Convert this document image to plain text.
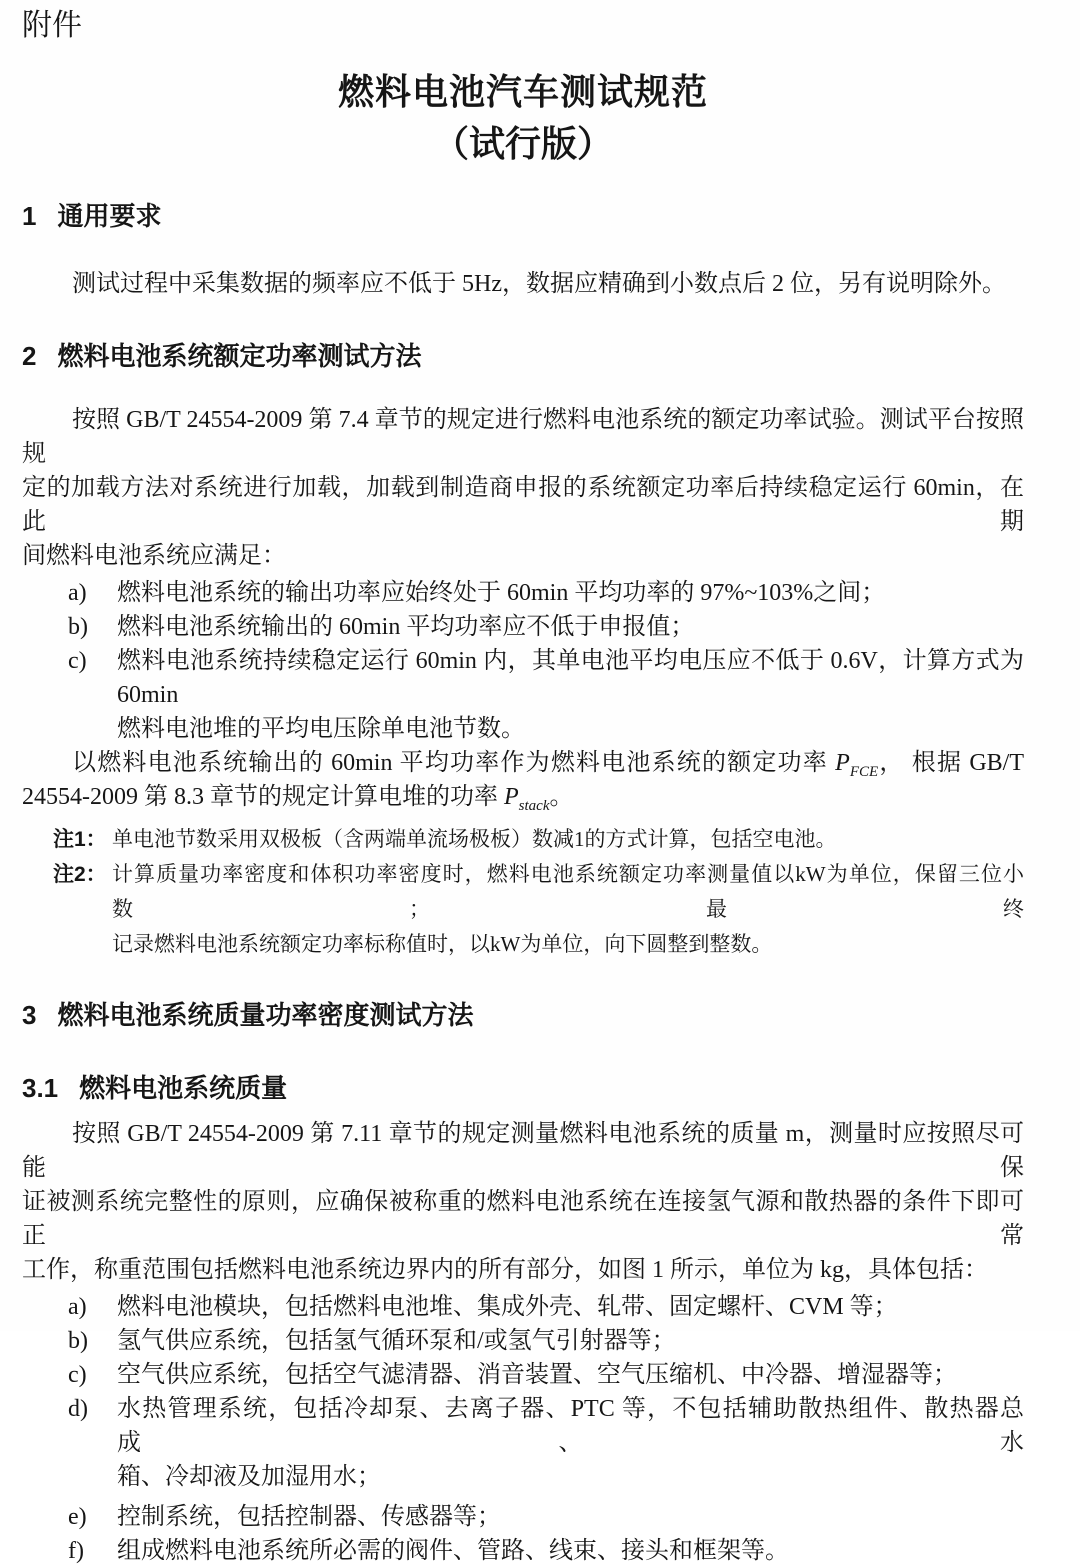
附件
燃料电池汽车测试规范
（试行版）
1 通用要求
测试过程中采集数据的频率应不低于 5Hz，数据应精确到小数点后 2 位，另有说明除外。
2 燃料电池系统额定功率测试方法
按照 GB/T 24554-2009 第 7.4 章节的规定进行燃料电池系统的额定功率试验。测试平台按照规
定的加载方法对系统进行加载，加载到制造商申报的系统额定功率后持续稳定运行 60min，在此期
间燃料电池系统应满足：
a) 燃料电池系统的输出功率应始终处于 60min 平均功率的 97%~103%之间；
b) 燃料电池系统输出的 60min 平均功率应不低于申报值；
c) 燃料电池系统持续稳定运行 60min 内，其单电池平均电压应不低于 0.6V，计算方式为 60min
燃料电池堆的平均电压除单电池节数。
以燃料电池系统输出的 60min 平均功率作为燃料电池系统的额定功率 $P_{FCE}$， 根据 GB/T
24554-2009 第 8.3 章节的规定计算电堆的功率 $P_{stack}$。
注1： 单电池节数采用双极板（含两端单流场极板）数减1的方式计算，包括空电池。
注2： 计算质量功率密度和体积功率密度时，燃料电池系统额定功率测量值以kW为单位，保留三位小数；最终
记录燃料电池系统额定功率标称值时，以kW为单位，向下圆整到整数。
3 燃料电池系统质量功率密度测试方法
3.1 燃料电池系统质量
按照 GB/T 24554-2009 第 7.11 章节的规定测量燃料电池系统的质量 m，测量时应按照尽可能保
证被测系统完整性的原则，应确保被称重的燃料电池系统在连接氢气源和散热器的条件下即可正常
工作，称重范围包括燃料电池系统边界内的所有部分，如图 1 所示，单位为 kg，具体包括：
a) 燃料电池模块，包括燃料电池堆、集成外壳、轧带、固定螺杆、CVM 等；
b) 氢气供应系统，包括氢气循环泵和/或氢气引射器等；
c) 空气供应系统，包括空气滤清器、消音装置、空气压缩机、中冷器、增湿器等；
d) 水热管理系统，包括冷却泵、去离子器、PTC 等，不包括辅助散热组件、散热器总成、水
箱、冷却液及加湿用水；
e) 控制系统，包括控制器、传感器等；
f) 组成燃料电池系统所必需的阀件、管路、线束、接头和框架等。
